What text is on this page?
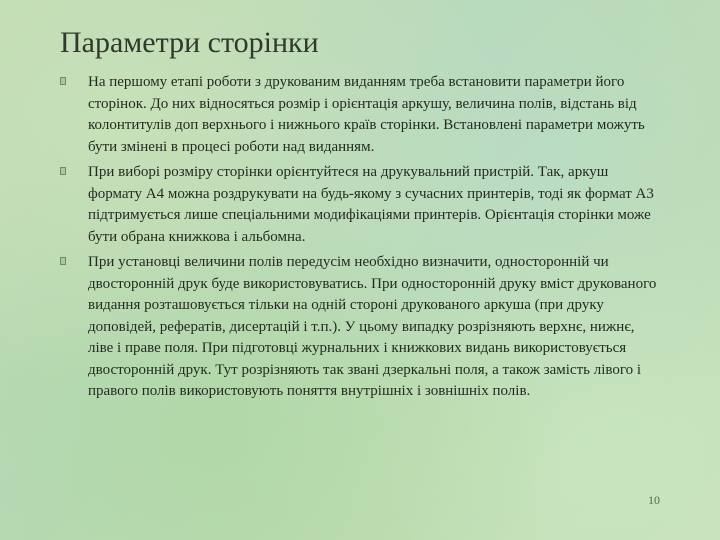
Параметри сторінки
На першому етапі роботи з друкованим виданням треба встановити параметри його сторінок. До них відносяться розмір і орієнтація аркушу, величина полів, відстань від колонтитулів доп верхнього і нижнього країв сторінки. Встановлені параметри можуть бути змінені в процесі роботи над виданням.
При виборі розміру сторінки орієнтуйтеся на друкувальний пристрій. Так, аркуш формату А4 можна роздрукувати на будь-якому з сучасних принтерів, тоді як формат А3 підтримується лише спеціальними модифікаціями принтерів. Орієнтація сторінки може бути обрана книжкова і альбомна.
При установці величини полів передусім необхідно визначити, односторонній чи двосторонній друк буде використовуватись. При односторонній друку вміст друкованого видання розташовується тільки на одній стороні друкованого аркуша (при друку доповідей, рефератів, дисертацій і т.п.). У цьому випадку розрізняють верхнє, нижнє, ліве і праве поля. При підготовці журнальних і книжкових видань використовується двосторонній друк. Тут розрізняють так звані дзеркальні поля, а також замість лівого і правого полів використовують поняття внутрішніх і зовнішніх полів.
10
